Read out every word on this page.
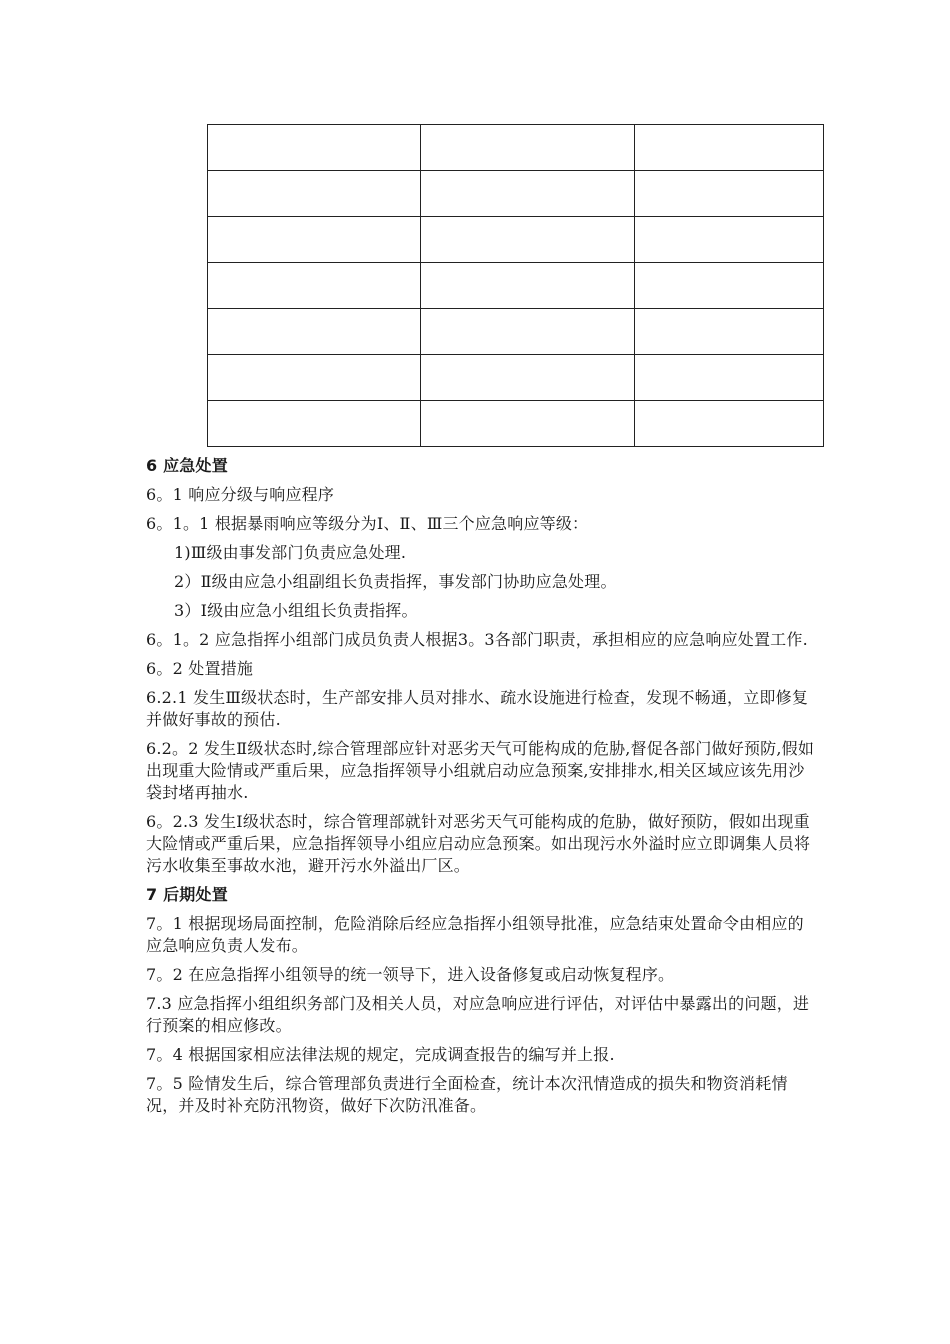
6 应急处置

6。1 响应分级与响应程序

6。1。1 根据暴雨响应等级分为Ⅰ、Ⅱ、Ⅲ三个应急响应等级：

1)Ⅲ级由事发部门负责应急处理.

2）Ⅱ级由应急小组副组长负责指挥，事发部门协助应急处理。

3）Ⅰ级由应急小组组长负责指挥。

6。1。2 应急指挥小组部门成员负责人根据3。3各部门职责，承担相应的应急响应处置工作.

6。2 处置措施

6.2.1 发生Ⅲ级状态时，生产部安排人员对排水、疏水设施进行检查，发现不畅通，立即修复并做好事故的预估.

6.2。2 发生Ⅱ级状态时,综合管理部应针对恶劣天气可能构成的危胁,督促各部门做好预防,假如出现重大险情或严重后果，应急指挥领导小组就启动应急预案,安排排水,相关区域应该先用沙袋封堵再抽水.

6。2.3 发生Ⅰ级状态时，综合管理部就针对恶劣天气可能构成的危胁，做好预防，假如出现重大险情或严重后果，应急指挥领导小组应启动应急预案。如出现污水外溢时应立即调集人员将污水收集至事故水池，避开污水外溢出厂区。

7 后期处置

7。1 根据现场局面控制，危险消除后经应急指挥小组领导批准，应急结束处置命令由相应的应急响应负责人发布。

7。2 在应急指挥小组领导的统一领导下，进入设备修复或启动恢复程序。

7.3 应急指挥小组组织务部门及相关人员，对应急响应进行评估，对评估中暴露出的问题，进行预案的相应修改。

7。4 根据国家相应法律法规的规定，完成调查报告的编写并上报.

7。5 险情发生后，综合管理部负责进行全面检查，统计本次汛情造成的损失和物资消耗情况，并及时补充防汛物资，做好下次防汛准备。
